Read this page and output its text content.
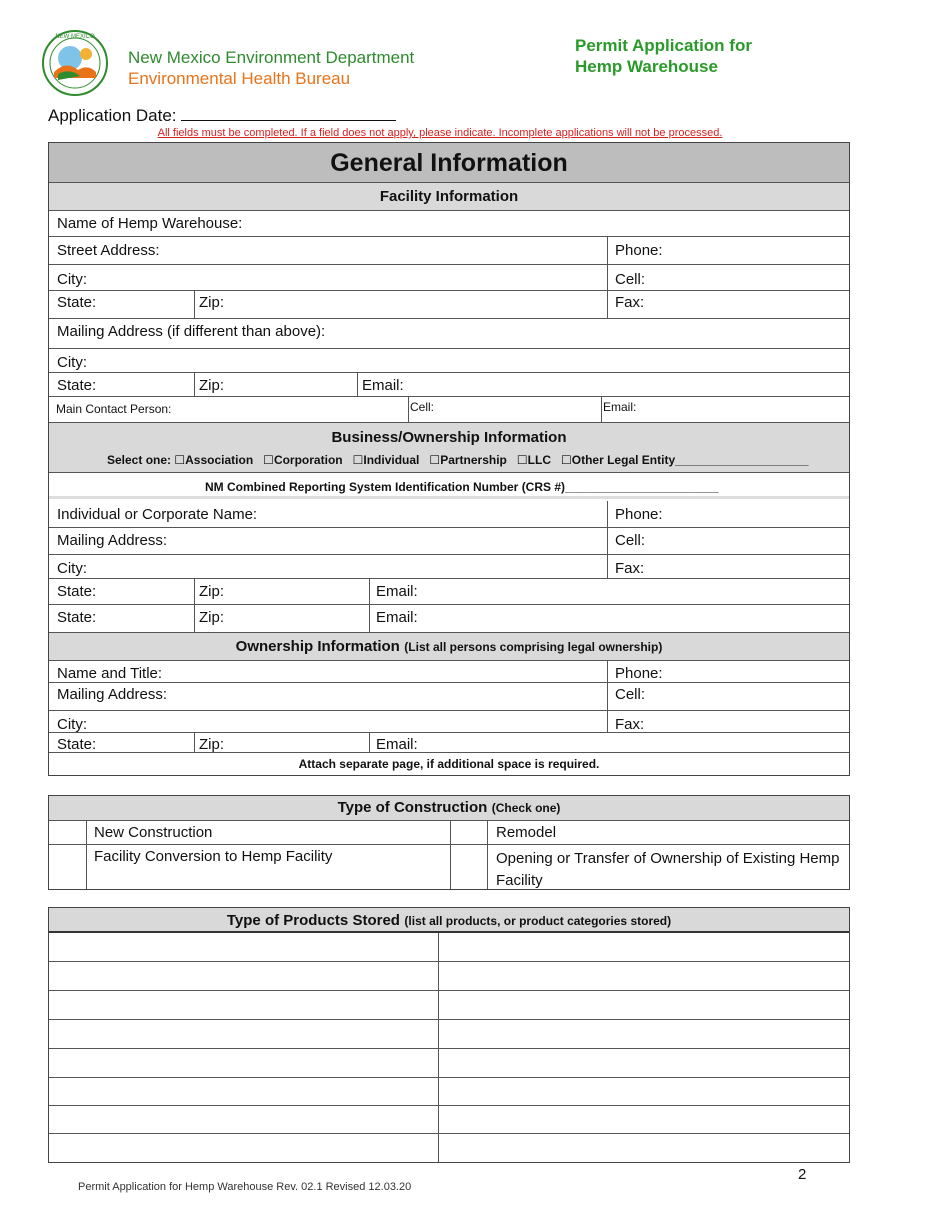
NEW MEXICO
New Mexico Environment Department
Environmental Health Bureau
Permit Application for
Hemp Warehouse
Application Date:
All fields must be completed. If a field does not apply, please indicate. Incomplete applications will not be processed.
General Information
Facility Information
Name of Hemp Warehouse:
Street Address:	Phone:
City:	Cell:
State:	Zip:	Fax:
Mailing Address (if different than above):
City:
State:	Zip:	Email:
Main Contact Person:	Cell:	Email:
Business/Ownership Information
Select one: ☐Association ☐Corporation ☐Individual ☐Partnership ☐LLC ☐Other Legal Entity____________________
NM Combined Reporting System Identification Number (CRS #)_______________________
Individual or Corporate Name:	Phone:
Mailing Address:	Cell:
City:	Fax:
State:	Zip:	Email:
State:	Zip:	Email:
Ownership Information (List all persons comprising legal ownership)
Name and Title:	Phone:
Mailing Address:	Cell:
City:	Fax:
State:	Zip:	Email:
Attach separate page, if additional space is required.
Type of Construction (Check one)
New Construction	Remodel
Facility Conversion to Hemp Facility	Opening or Transfer of Ownership of Existing Hemp
Facility
Type of Products Stored (list all products, or product categories stored)
2
Permit Application for Hemp Warehouse Rev. 02.1 Revised 12.03.20
